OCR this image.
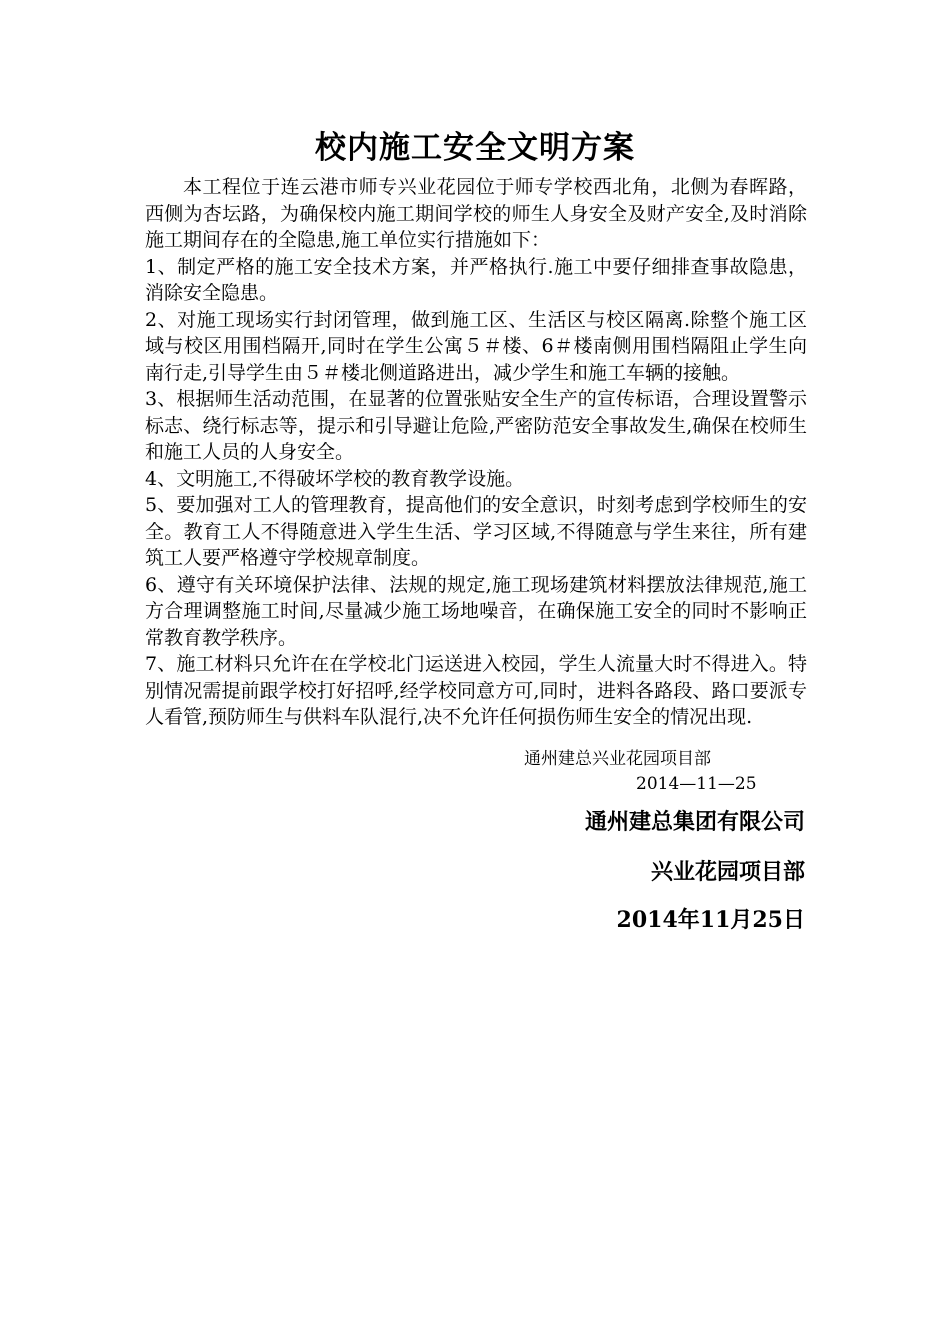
校内施工安全文明方案

本工程位于连云港市师专兴业花园位于师专学校西北角，北侧为春晖路，西侧为杏坛路，为确保校内施工期间学校的师生人身安全及财产安全,及时消除施工期间存在的全隐患,施工单位实行措施如下：

1、制定严格的施工安全技术方案，并严格执行.施工中要仔细排查事故隐患，消除安全隐患。

2、对施工现场实行封闭管理，做到施工区、生活区与校区隔离.除整个施工区域与校区用围档隔开,同时在学生公寓５＃楼、6＃楼南侧用围档隔阻止学生向南行走,引导学生由５＃楼北侧道路进出，减少学生和施工车辆的接触。

3、根据师生活动范围，在显著的位置张贴安全生产的宣传标语，合理设置警示标志、绕行标志等，提示和引导避让危险,严密防范安全事故发生,确保在校师生和施工人员的人身安全。

4、文明施工,不得破坏学校的教育教学设施。

5、要加强对工人的管理教育，提高他们的安全意识，时刻考虑到学校师生的安全。教育工人不得随意进入学生生活、学习区域,不得随意与学生来往，所有建筑工人要严格遵守学校规章制度。

6、遵守有关环境保护法律、法规的规定,施工现场建筑材料摆放法律规范,施工方合理调整施工时间,尽量减少施工场地噪音，在确保施工安全的同时不影响正常教育教学秩序。

7、施工材料只允许在在学校北门运送进入校园，学生人流量大时不得进入。特别情况需提前跟学校打好招呼,经学校同意方可,同时，进料各路段、路口要派专人看管,预防师生与供料车队混行,决不允许任何损伤师生安全的情况出现.

通州建总兴业花园项目部
2014—11—25
通州建总集团有限公司
兴业花园项目部
2014年11月25日
